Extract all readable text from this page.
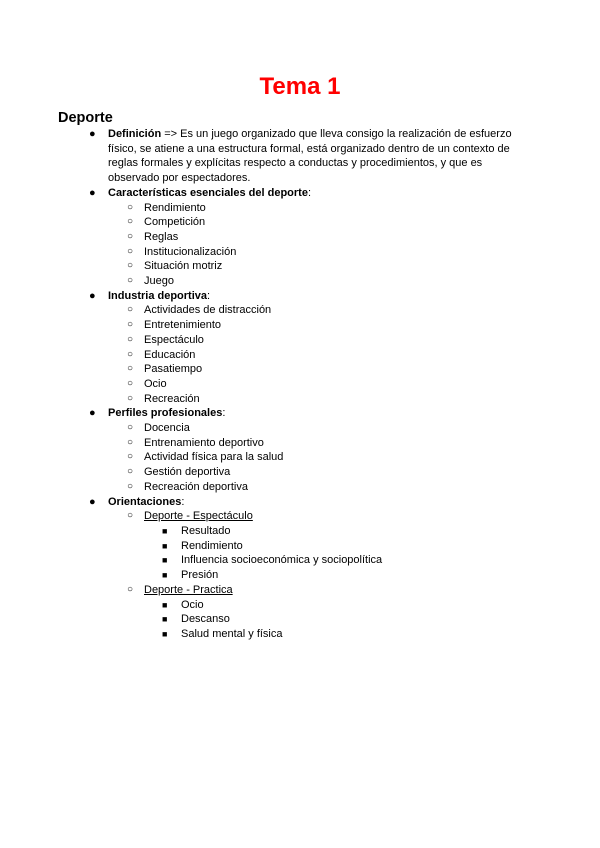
Tema 1
Deporte
● Definición => Es un juego organizado que lleva consigo la realización de esfuerzo físico, se atiene a una estructura formal, está organizado dentro de un contexto de reglas formales y explícitas respecto a conductas y procedimientos, y que es observado por espectadores.
● Características esenciales del deporte:
○ Rendimiento
○ Competición
○ Reglas
○ Institucionalización
○ Situación motriz
○ Juego
● Industria deportiva:
○ Actividades de distracción
○ Entretenimiento
○ Espectáculo
○ Educación
○ Pasatiempo
○ Ocio
○ Recreación
● Perfiles profesionales:
○ Docencia
○ Entrenamiento deportivo
○ Actividad física para la salud
○ Gestión deportiva
○ Recreación deportiva
● Orientaciones:
○ Deporte - Espectáculo
■ Resultado
■ Rendimiento
■ Influencia socioeconómica y sociopolítica
■ Presión
○ Deporte - Practica
■ Ocio
■ Descanso
■ Salud mental y física
